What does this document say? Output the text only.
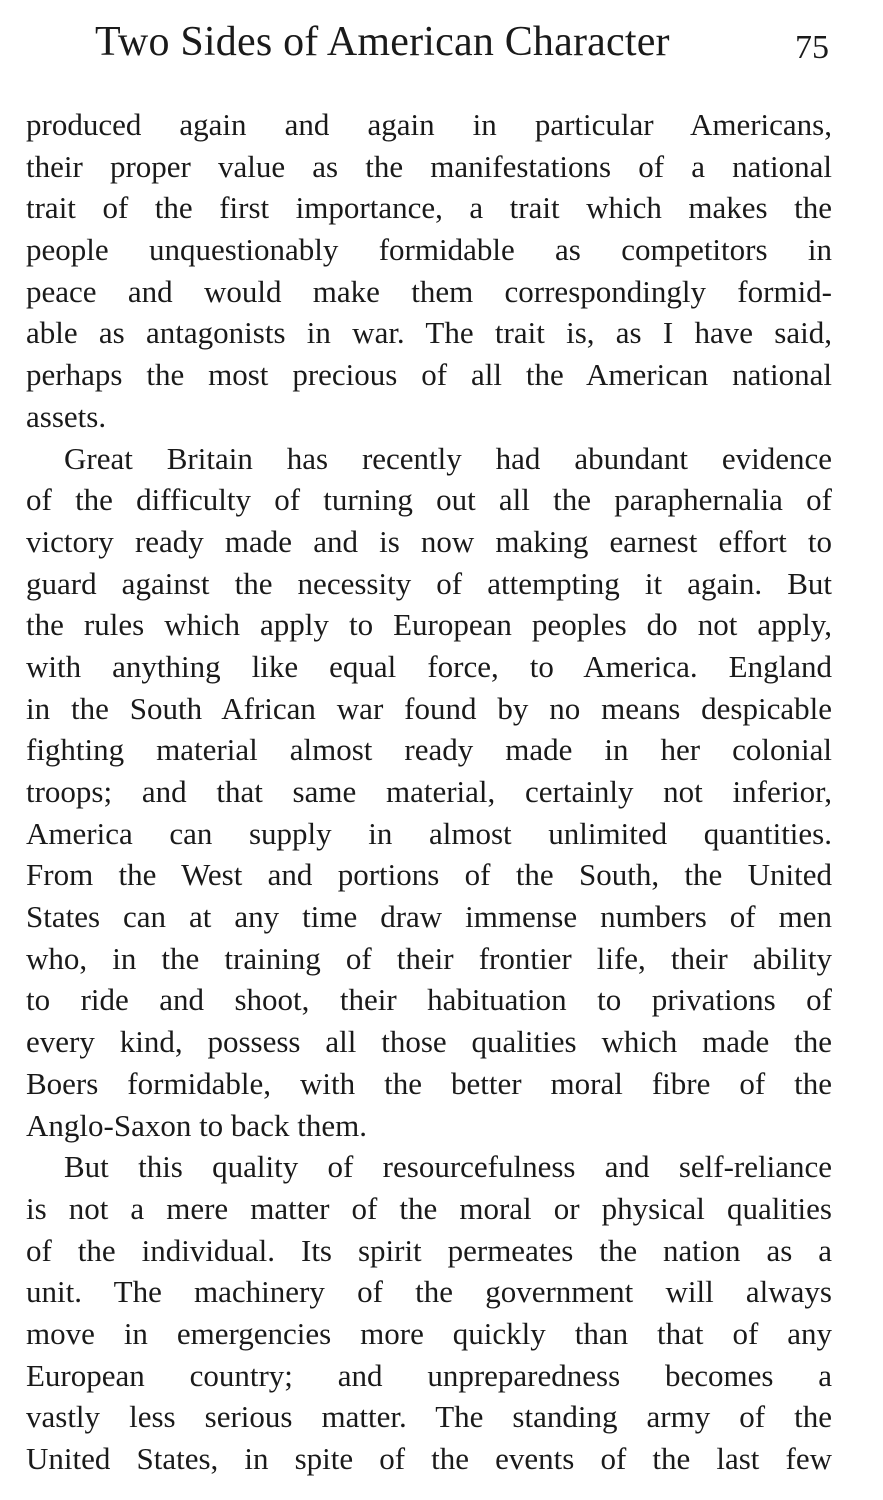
Two Sides of American Character	75
produced again and again in particular Americans,
their proper value as the manifestations of a national
trait of the first importance, a trait which makes the
people unquestionably formidable as competitors in
peace and would make them correspondingly formid-
able as antagonists in war. The trait is, as I have said,
perhaps the most precious of all the American national
assets.
Great Britain has recently had abundant evidence
of the difficulty of turning out all the paraphernalia of
victory ready made and is now making earnest effort to
guard against the necessity of attempting it again. But
the rules which apply to European peoples do not apply,
with anything like equal force, to America. England
in the South African war found by no means despicable
fighting material almost ready made in her colonial
troops; and that same material, certainly not inferior,
America can supply in almost unlimited quantities.
From the West and portions of the South, the United
States can at any time draw immense numbers of men
who, in the training of their frontier life, their ability
to ride and shoot, their habituation to privations of
every kind, possess all those qualities which made the
Boers formidable, with the better moral fibre of the
Anglo-Saxon to back them.
But this quality of resourcefulness and self-reliance
is not a mere matter of the moral or physical qualities
of the individual. Its spirit permeates the nation as a
unit. The machinery of the government will always
move in emergencies more quickly than that of any
European country; and unpreparedness becomes a
vastly less serious matter. The standing army of the
United States, in spite of the events of the last few
